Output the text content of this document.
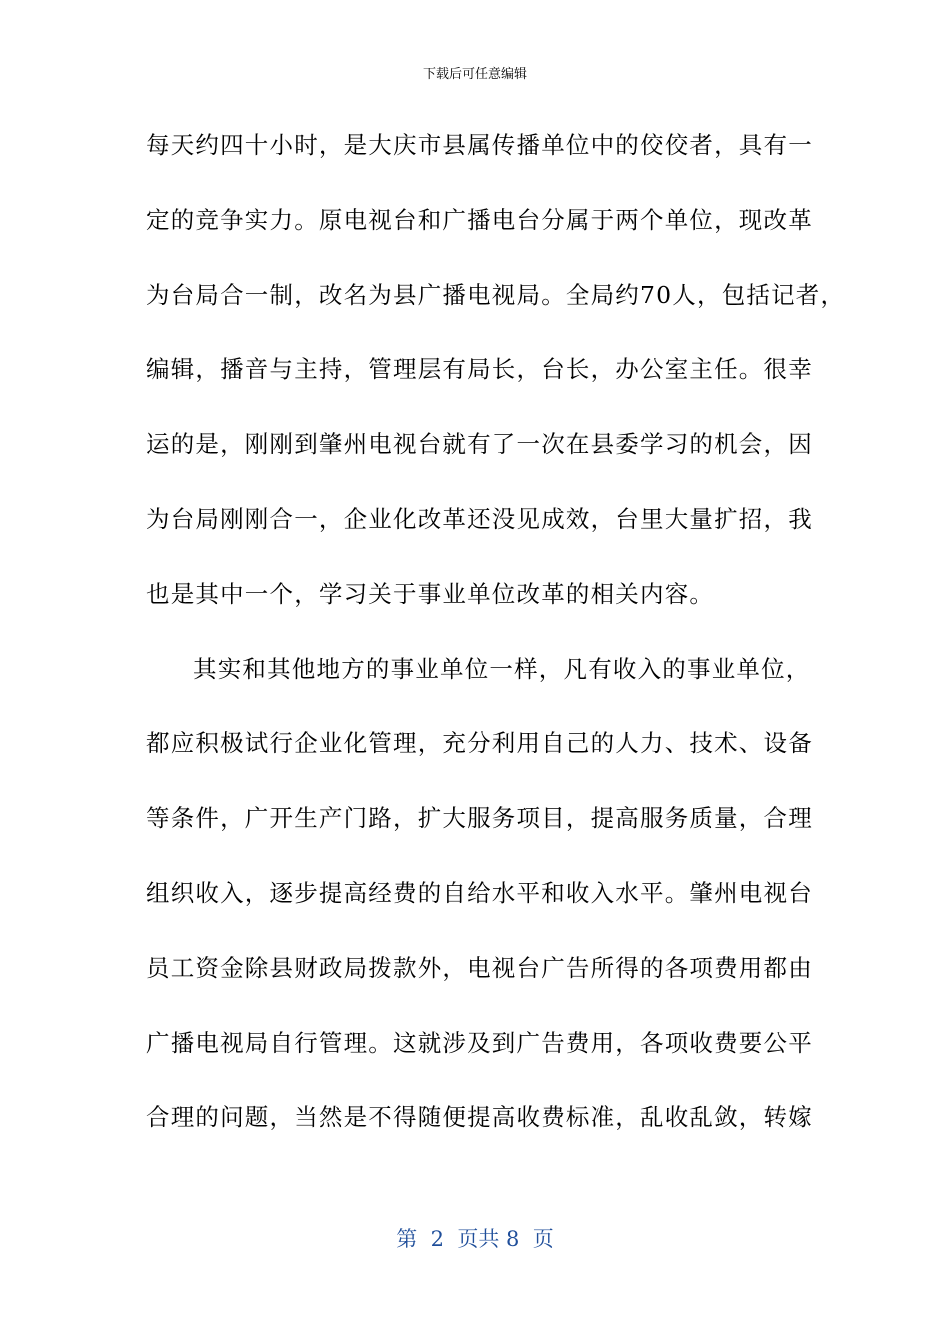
下载后可任意编辑
每天约四十小时，是大庆市县属传播单位中的佼佼者，具有一
定的竞争实力。原电视台和广播电台分属于两个单位，现改革
为台局合一制，改名为县广播电视局。全局约70人，包括记者，
编辑，播音与主持，管理层有局长，台长，办公室主任。很幸
运的是，刚刚到肇州电视台就有了一次在县委学习的机会，因
为台局刚刚合一，企业化改革还没见成效，台里大量扩招，我
也是其中一个，学习关于事业单位改革的相关内容。
其实和其他地方的事业单位一样，凡有收入的事业单位，
都应积极试行企业化管理，充分利用自己的人力、技术、设备
等条件，广开生产门路，扩大服务项目，提高服务质量，合理
组织收入，逐步提高经费的自给水平和收入水平。肇州电视台
员工资金除县财政局拨款外，电视台广告所得的各项费用都由
广播电视局自行管理。这就涉及到广告费用，各项收费要公平
合理的问题，当然是不得随便提高收费标准，乱收乱敛，转嫁
第  2  页共 8  页
